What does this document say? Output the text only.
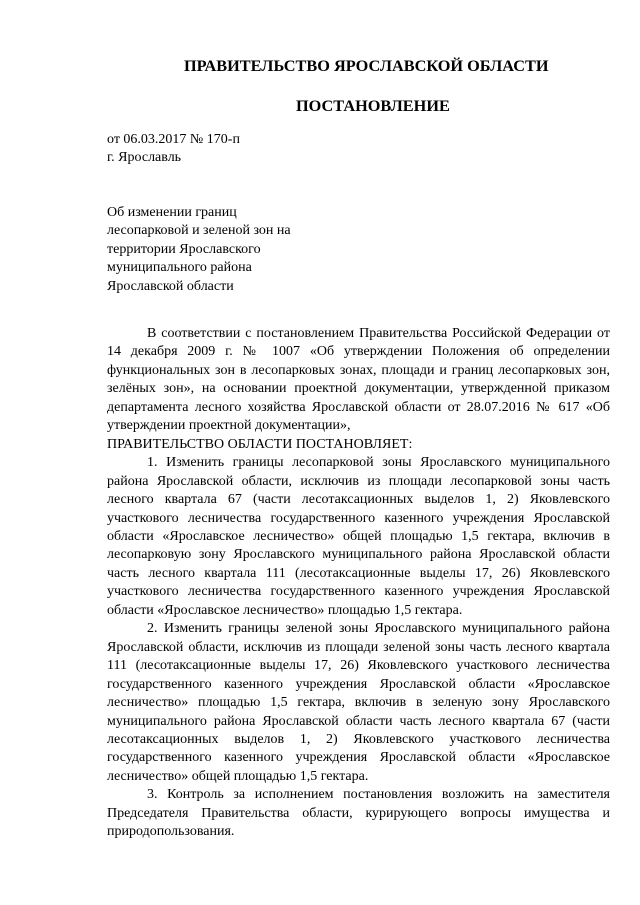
ПРАВИТЕЛЬСТВО ЯРОСЛАВСКОЙ ОБЛАСТИ
ПОСТАНОВЛЕНИЕ
от 06.03.2017 № 170-п
г. Ярославль
Об изменении границ
лесопарковой и зеленой зон на
территории Ярославского
муниципального района
Ярославской области

В соответствии с постановлением Правительства Российской Федерации от 14 декабря 2009 г. № 1007 «Об утверждении Положения об определении функциональных зон в лесопарковых зонах, площади и границ лесопарковых зон, зелёных зон», на основании проектной документации, утвержденной приказом департамента лесного хозяйства Ярославской области от 28.07.2016 № 617 «Об утверждении проектной документации»,

ПРАВИТЕЛЬСТВО ОБЛАСТИ ПОСТАНОВЛЯЕТ:

1. Изменить границы лесопарковой зоны Ярославского муниципального района Ярославской области, исключив из площади лесопарковой зоны часть лесного квартала 67 (части лесотаксационных выделов 1, 2) Яковлевского участкового лесничества государственного казенного учреждения Ярославской области «Ярославское лесничество» общей площадью 1,5 гектара, включив в лесопарковую зону Ярославского муниципального района Ярославской области часть лесного квартала 111 (лесотаксационные выделы 17, 26) Яковлевского участкового лесничества государственного казенного учреждения Ярославской области «Ярославское лесничество» площадью 1,5 гектара.

2. Изменить границы зеленой зоны Ярославского муниципального района Ярославской области, исключив из площади зеленой зоны часть лесного квартала 111 (лесотаксационные выделы 17, 26) Яковлевского участкового лесничества государственного казенного учреждения Ярославской области «Ярославское лесничество» площадью 1,5 гектара, включив в зеленую зону Ярославского муниципального района Ярославской области часть лесного квартала 67 (части лесотаксационных выделов 1, 2) Яковлевского участкового лесничества государственного казенного учреждения Ярославской области «Ярославское лесничество» общей площадью 1,5 гектара.

3. Контроль за исполнением постановления возложить на заместителя Председателя Правительства области, курирующего вопросы имущества и природопользования.
